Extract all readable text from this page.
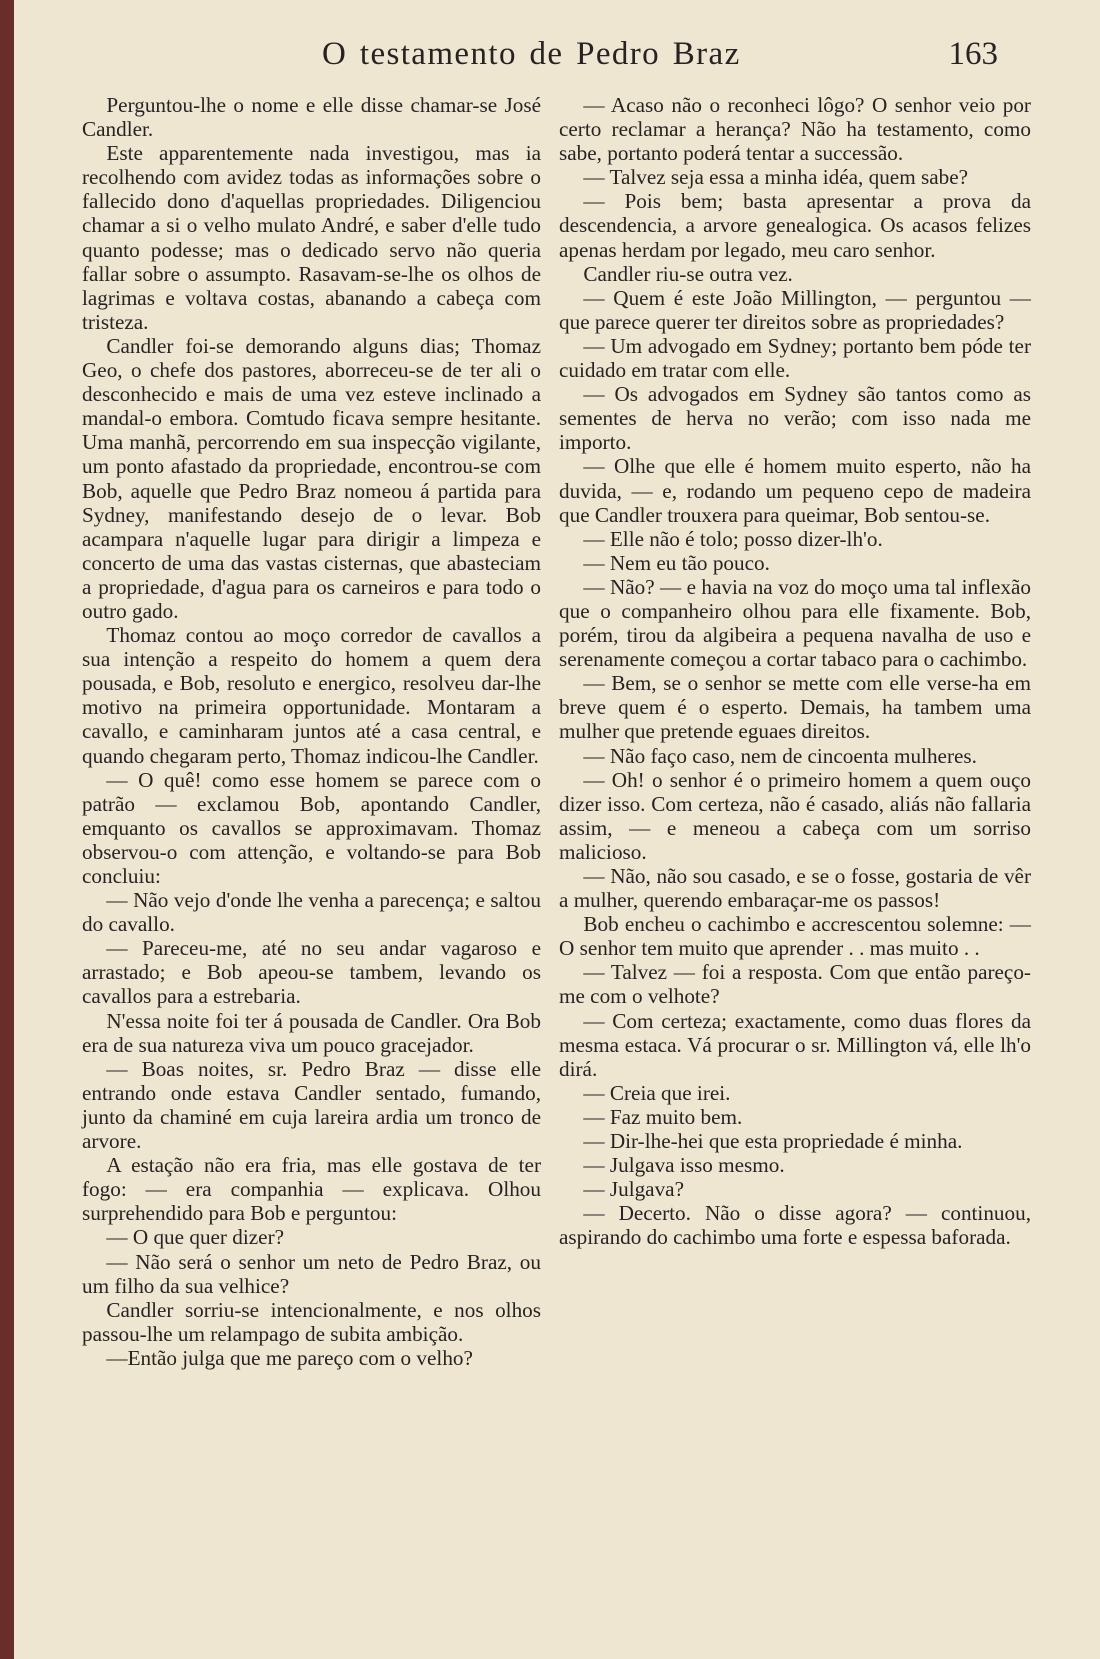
O testamento de Pedro Braz	163

Perguntou-lhe o nome e elle disse chamar-se José Candler.

Este apparentemente nada investigou, mas ia recolhendo com avidez todas as informações sobre o fallecido dono d'aquellas propriedades. Diligenciou chamar a si o velho mulato André, e saber d'elle tudo quanto podesse; mas o dedicado servo não queria fallar sobre o assumpto. Rasavam-se-lhe os olhos de lagrimas e voltava costas, abanando a cabeça com tristeza.

Candler foi-se demorando alguns dias; Thomaz Geo, o chefe dos pastores, aborreceu-se de ter ali o desconhecido e mais de uma vez esteve inclinado a mandal-o embora. Comtudo ficava sempre hesitante. Uma manhã, percorrendo em sua inspecção vigilante, um ponto afastado da propriedade, encontrou-se com Bob, aquelle que Pedro Braz nomeou á partida para Sydney, manifestando desejo de o levar. Bob acampara n'aquelle lugar para dirigir a limpeza e concerto de uma das vastas cisternas, que abasteciam a propriedade, d'agua para os carneiros e para todo o outro gado.

Thomaz contou ao moço corredor de cavallos a sua intenção a respeito do homem a quem dera pousada, e Bob, resoluto e energico, resolveu dar-lhe motivo na primeira opportunidade. Montaram a cavallo, e caminharam juntos até a casa central, e quando chegaram perto, Thomaz indicou-lhe Candler.

— O quê! como esse homem se parece com o patrão — exclamou Bob, apontando Candler, emquanto os cavallos se approximavam. Thomaz observou-o com attenção, e voltando-se para Bob concluiu:

— Não vejo d'onde lhe venha a parecença; e saltou do cavallo.

— Pareceu-me, até no seu andar vagaroso e arrastado; e Bob apeou-se tambem, levando os cavallos para a estrebaria.

N'essa noite foi ter á pousada de Candler. Ora Bob era de sua natureza viva um pouco gracejador.

— Boas noites, sr. Pedro Braz — disse elle entrando onde estava Candler sentado, fumando, junto da chaminé em cuja lareira ardia um tronco de arvore.

A estação não era fria, mas elle gostava de ter fogo: — era companhia — explicava. Olhou surprehendido para Bob e perguntou:

— O que quer dizer?

— Não será o senhor um neto de Pedro Braz, ou um filho da sua velhice?

Candler sorriu-se intencionalmente, e nos olhos passou-lhe um relampago de subita ambição.

—Então julga que me pareço com o velho?

— Acaso não o reconheci lôgo? O senhor veio por certo reclamar a herança? Não ha testamento, como sabe, portanto poderá tentar a successão.

— Talvez seja essa a minha idéa, quem sabe?

— Pois bem; basta apresentar a prova da descendencia, a arvore genealogica. Os acasos felizes apenas herdam por legado, meu caro senhor.

Candler riu-se outra vez.

— Quem é este João Millington, — perguntou — que parece querer ter direitos sobre as propriedades?

— Um advogado em Sydney; portanto bem póde ter cuidado em tratar com elle.

— Os advogados em Sydney são tantos como as sementes de herva no verão; com isso nada me importo.

— Olhe que elle é homem muito esperto, não ha duvida, — e, rodando um pequeno cepo de madeira que Candler trouxera para queimar, Bob sentou-se.

— Elle não é tolo; posso dizer-lh'o.

— Nem eu tão pouco.

— Não? — e havia na voz do moço uma tal inflexão que o companheiro olhou para elle fixamente. Bob, porém, tirou da algibeira a pequena navalha de uso e serenamente começou a cortar tabaco para o cachimbo.

— Bem, se o senhor se mette com elle verse-ha em breve quem é o esperto. Demais, ha tambem uma mulher que pretende eguaes direitos.

— Não faço caso, nem de cincoenta mulheres.

— Oh! o senhor é o primeiro homem a quem ouço dizer isso. Com certeza, não é casado, aliás não fallaria assim, — e meneou a cabeça com um sorriso malicioso.

— Não, não sou casado, e se o fosse, gostaria de vêr a mulher, querendo embaraçar-me os passos!

Bob encheu o cachimbo e accrescentou solemne: — O senhor tem muito que aprender . . mas muito . .

— Talvez — foi a resposta. Com que então pareço-me com o velhote?

— Com certeza; exactamente, como duas flores da mesma estaca. Vá procurar o sr. Millington vá, elle lh'o dirá.

— Creia que irei.

— Faz muito bem.

— Dir-lhe-hei que esta propriedade é minha.

— Julgava isso mesmo.

— Julgava?

— Decerto. Não o disse agora? — continuou, aspirando do cachimbo uma forte e espessa baforada.
